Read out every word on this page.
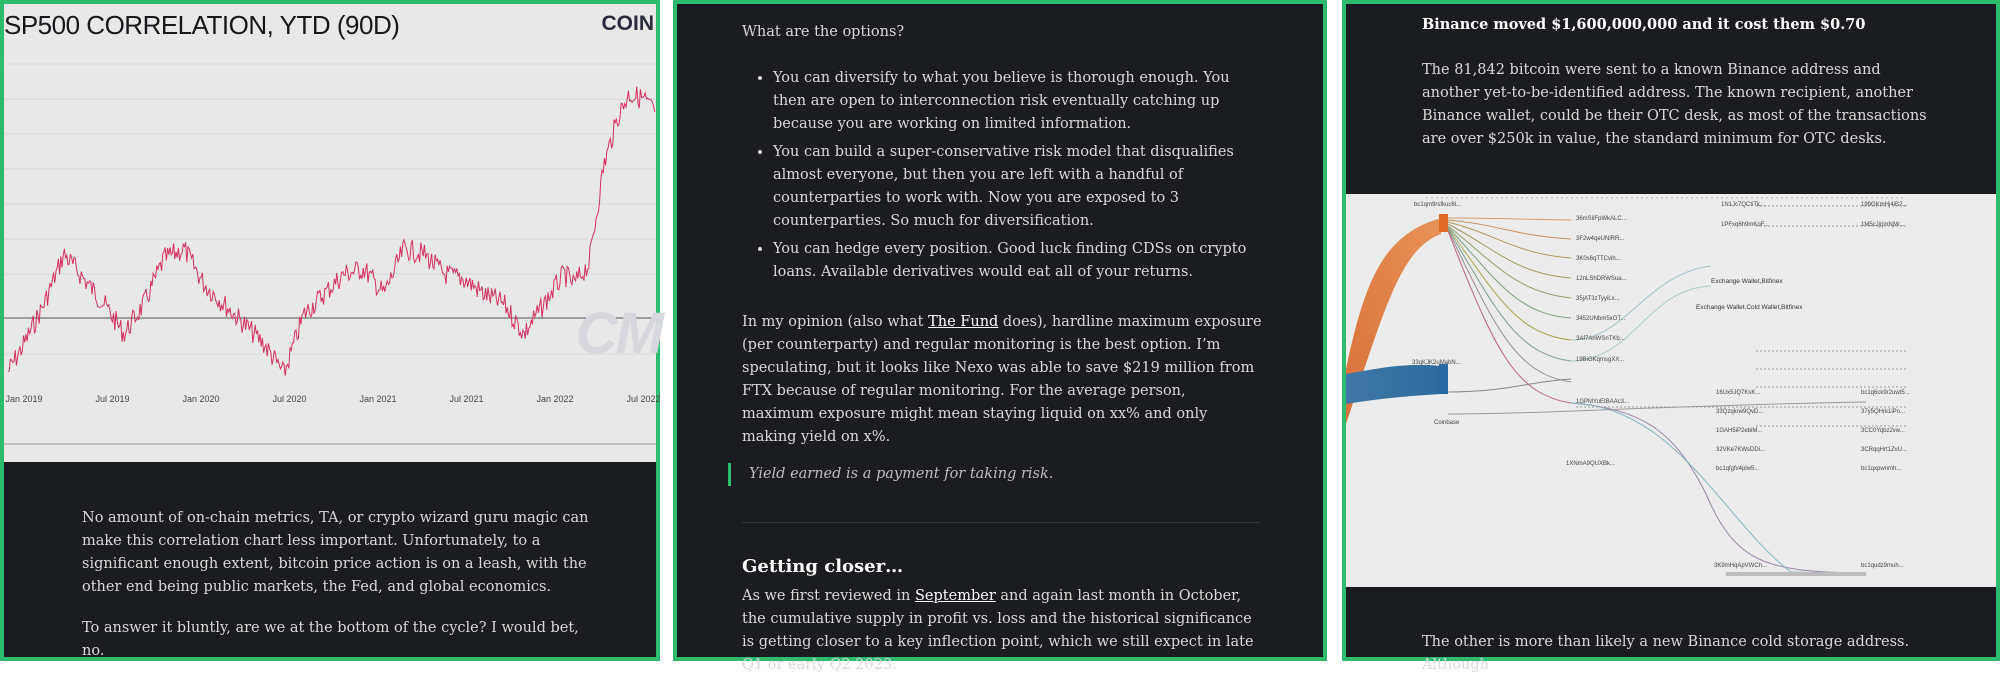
Jan 2019	Jul 2019	Jan 2020	Jul 2020	Jan 2021	Jul 2021	Jan 2022	Jul 2022
CM
SP500 CORRELATION, YTD (90D)	COIN

No amount of on-chain metrics, TA, or crypto wizard guru magic can make this correlation chart less important. Unfortunately, to a significant enough extent, bitcoin price action is on a leash, with the other end being public markets, the Fed, and global economics.

To answer it bluntly, are we at the bottom of the cycle? I would bet, no.

What are the options?

• You can diversify to what you believe is thorough enough. You then are open to interconnection risk eventually catching up because you are working on limited information.
• You can build a super-conservative risk model that disqualifies almost everyone, but then you are left with a handful of counterparties to work with. Now you are exposed to 3 counterparties. So much for diversification.
• You can hedge every position. Good luck finding CDSs on crypto loans. Available derivatives would eat all of your returns.

In my opinion (also what The Fund does), hardline maximum exposure (per counterparty) and regular monitoring is the best option. I’m speculating, but it looks like Nexo was able to save $219 million from FTX because of regular monitoring. For the average person, maximum exposure might mean staying liquid on xx% and only making yield on x%.

Yield earned is a payment for taking risk.
Getting closer…

As we first reviewed in September and again last month in October, the cumulative supply in profit vs. loss and the historical significance is getting closer to a key inflection point, which we still expect in late Q1 or early Q2 2023.

Binance moved $1,600,000,000 and it cost them $0.70
The 81,842 bitcoin were sent to a known Binance address and another yet-to-be-identified address. The known recipient, another Binance wallet, could be their OTC desk, as most of the transactions are over $250k in value, the standard minimum for OTC desks.
bc1qm9rsfkuc6l...
33qKJK2uMabN...
Coinbase
36mSiiFpWkALC...
3F2w4qeUNiRR...
3K0s6qTTCvih...
12nLShDRWSua...
35jAT3zTyyiLx...
3452UNbm5xOT...
3Af7AnWSnTKb...
19BiGKqmsgXX...
1GPMYuEtBAAc3...
1XNmA9QUXBk...
Exchange Wallet,Bitfinex
Exchange Wallet,Cold Wallet,Bitfinex
1N1Jc7QCtiTk...
1PFxq6h9mKoF...
16Ux5JQ7KsK...
33Qzqkrw9QvD...
1GAH5iP2ebiM...
32VKe7KWsDDi...
bc1qfgfv4plw5...
3K9mHqApVWCh...
199GKmHj4iB2...
1M5cJjrjmNjW...
bc1q6ck9r2uwt5...
37y5QHrk1iPo...
3CC0Yqbz2vw...
3CRqqHrt1ZvU...
bc1qxpwnmh...
bc1qudz9muh...
The other is more than likely a new Binance cold storage address. Although
